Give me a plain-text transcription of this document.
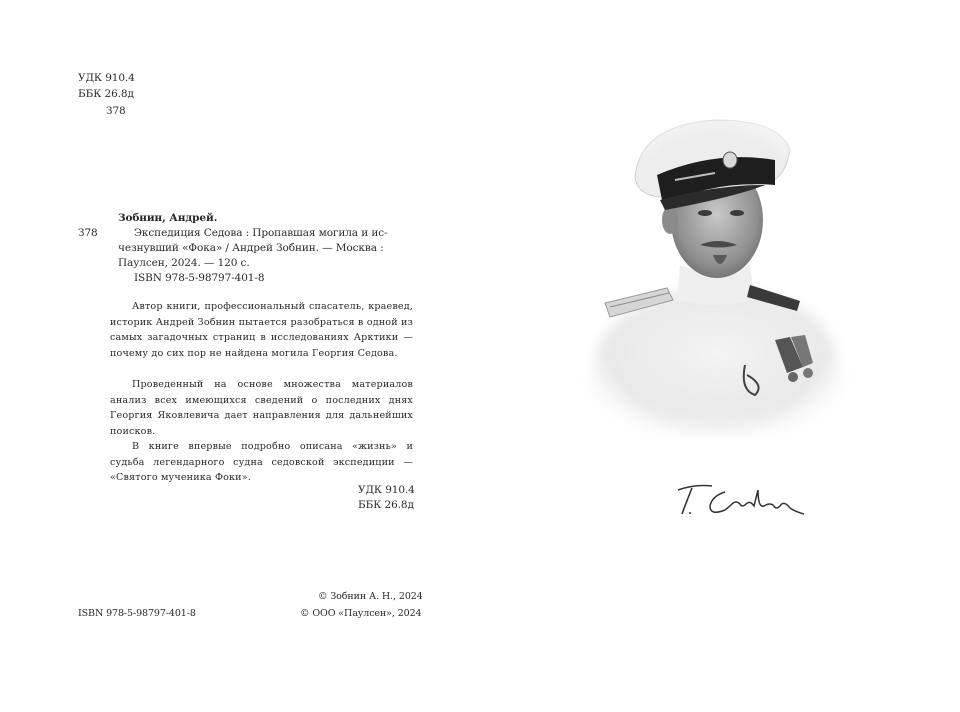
УДК 910.4
ББК 26.8д
З78
Зобнин, Андрей.
З78	Экспедиция Седова : Пропавшая могила и ис-
чезнувший «Фока» / Андрей Зобнин. — Москва :
Паулсен, 2024. — 120 с.
ISBN 978-5-98797-401-8
Автор книги, профессиональный спасатель, краевед, историк Андрей Зобнин пытается разобраться в одной из самых загадочных страниц в исследованиях Арктики — почему до сих пор не найдена могила Георгия Седова.
Проведенный на основе множества материалов анализ всех имеющихся сведений о последних днях Георгия Яковлевича дает направления для дальнейших поисков.
В книге впервые подробно описана «жизнь» и судьба легендарного судна седовской экспедиции — «Святого мученика Фоки».
УДК 910.4
ББК 26.8д
© Зобнин А. Н., 2024
ISBN 978-5-98797-401-8	© ООО «Паулсен», 2024
